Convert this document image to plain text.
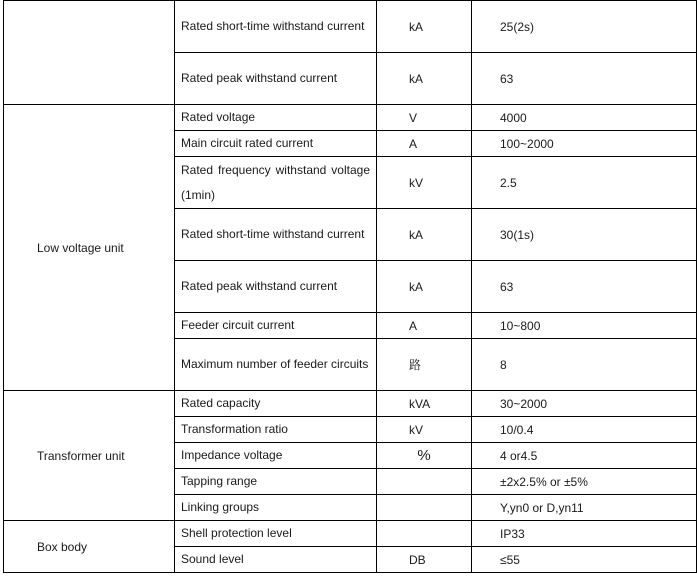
	Rated short-time withstand current	kA	25(2s)

	Rated peak withstand current	kA	63
Low voltage unit	Rated voltage	V	4000

	Main circuit rated current	A	100~2000

	Rated frequency withstand voltage (1min)	kV	2.5

	Rated short-time withstand current	kA	30(1s)

	Rated peak withstand current	kA	63

	Feeder circuit current	A	10~800

	Maximum number of feeder circuits	路	8
Transformer unit	Rated capacity	kVA	30~2000

	Transformation ratio	kV	10/0.4

	Impedance voltage	%	4 or4.5

	Tapping range		±2x2.5% or ±5%

	Linking groups		Y,yn0 or D,yn11
Box body	Shell protection level		IP33

	Sound level	DB	≤55
